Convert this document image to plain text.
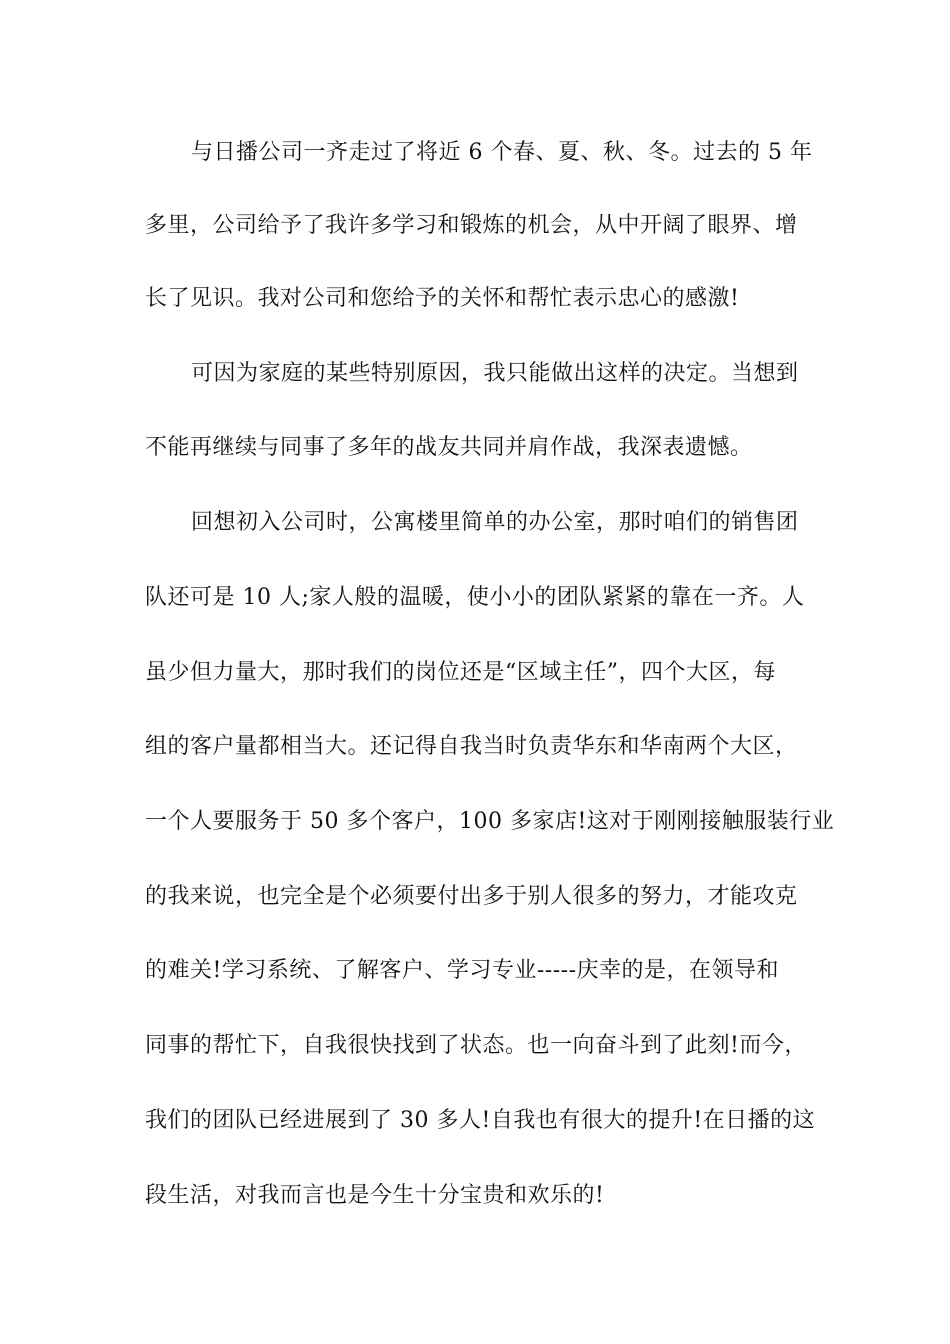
与日播公司一齐走过了将近 6 个春、夏、秋、冬。过去的 5 年
多里，公司给予了我许多学习和锻炼的机会，从中开阔了眼界、增
长了见识。我对公司和您给予的关怀和帮忙表示忠心的感激!
可因为家庭的某些特别原因，我只能做出这样的决定。当想到
不能再继续与同事了多年的战友共同并肩作战，我深表遗憾。
回想初入公司时，公寓楼里简单的办公室，那时咱们的销售团
队还可是 10 人;家人般的温暖，使小小的团队紧紧的靠在一齐。人
虽少但力量大，那时我们的岗位还是“区域主任”，四个大区，每
组的客户量都相当大。还记得自我当时负责华东和华南两个大区，
一个人要服务于 50 多个客户，100 多家店!这对于刚刚接触服装行业
的我来说，也完全是个必须要付出多于别人很多的努力，才能攻克
的难关!学习系统、了解客户、学习专业-----庆幸的是，在领导和
同事的帮忙下，自我很快找到了状态。也一向奋斗到了此刻!而今，
我们的团队已经进展到了 30 多人!自我也有很大的提升!在日播的这
段生活，对我而言也是今生十分宝贵和欢乐的!
